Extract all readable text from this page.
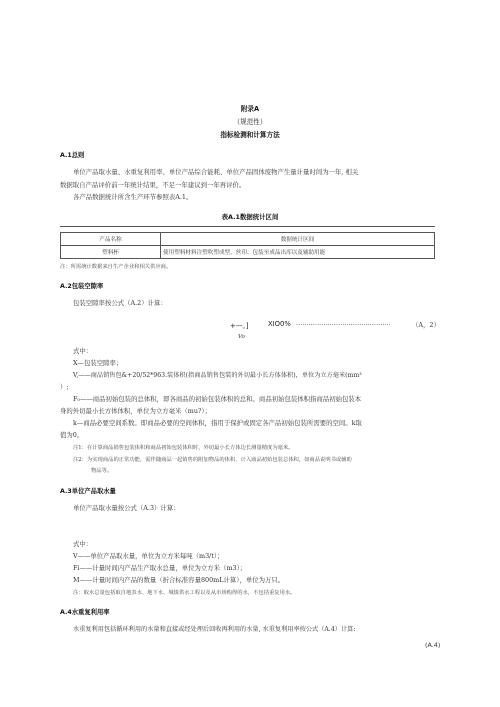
附录A
（规范性）
指标检测和计算方法
A.1总则
单位产品取水量、水重复利用率、单位产品综合能耗、单位产品固体废物产生量计量时间为一年, 相关
数据取自产品评价前一年统计结果，不足一年建议到一年再评价。
各产品数据统计所含生产环节参照表A.1。
表A.1数据统计区间
产品名称	数据统计区间
塑料杯	使用塑料材料注塑吹塑成型、丝印、包装至成品出库以及辅助用能
注：所需统计数据来自生产企业和相关供应商。
A.2包装空隙率
包装空隙率按公式（A.2）计算：
+—。]	XIO0% .............................................	（A，2）
Vo
式中：
X—包装空隙率；
V,——商品销售包&+20/52*963.装体积(指商品销售包装的外切最小长方体体积)，单位为立方毫米(mm³
）;
F₀——商品初始包装的总体积，即各商品的初始包装体积的总和。商品初始包装体积指商品初始包装本
身的外切最小长方体体积，单位为立方毫米（mu?）；
k—商品必要空间系数。即商品必要的空间体积，指用于保护或固定各产品初始包装所需要的空间。k取
值为0。
注1：在计算商品销售包装体积和商品初始包装体积时，外切最小长方体边长测量精度为毫米。
注2：为实现商品的正常功能，需伴随商品一起销售的附加物品的体积，计入商品初始包装总体积，如商品说明书或辅助
物品等。
A.3单位产品取水量
单位产品取水量按公式（A.3）计算：
式中：
V——单位产品取水量，单位为立方米每吨（m3/t）；
Fi——计量时间内产品生产取水总量，单位为立方米（m3）；
M——计量时间内产品的数量（折合标准容量800mL计算），单位为万只。
注：取水总量包括取自地表水、地下水、城镇供水工程以及从市场购得的水，不包括重复用水。
A.4水重复利用率
水重复利用包括循环利用的水量和直接或经处理后回收再利用的水量, 水重复利用率按公式（A.4）计算:
(A.4)
